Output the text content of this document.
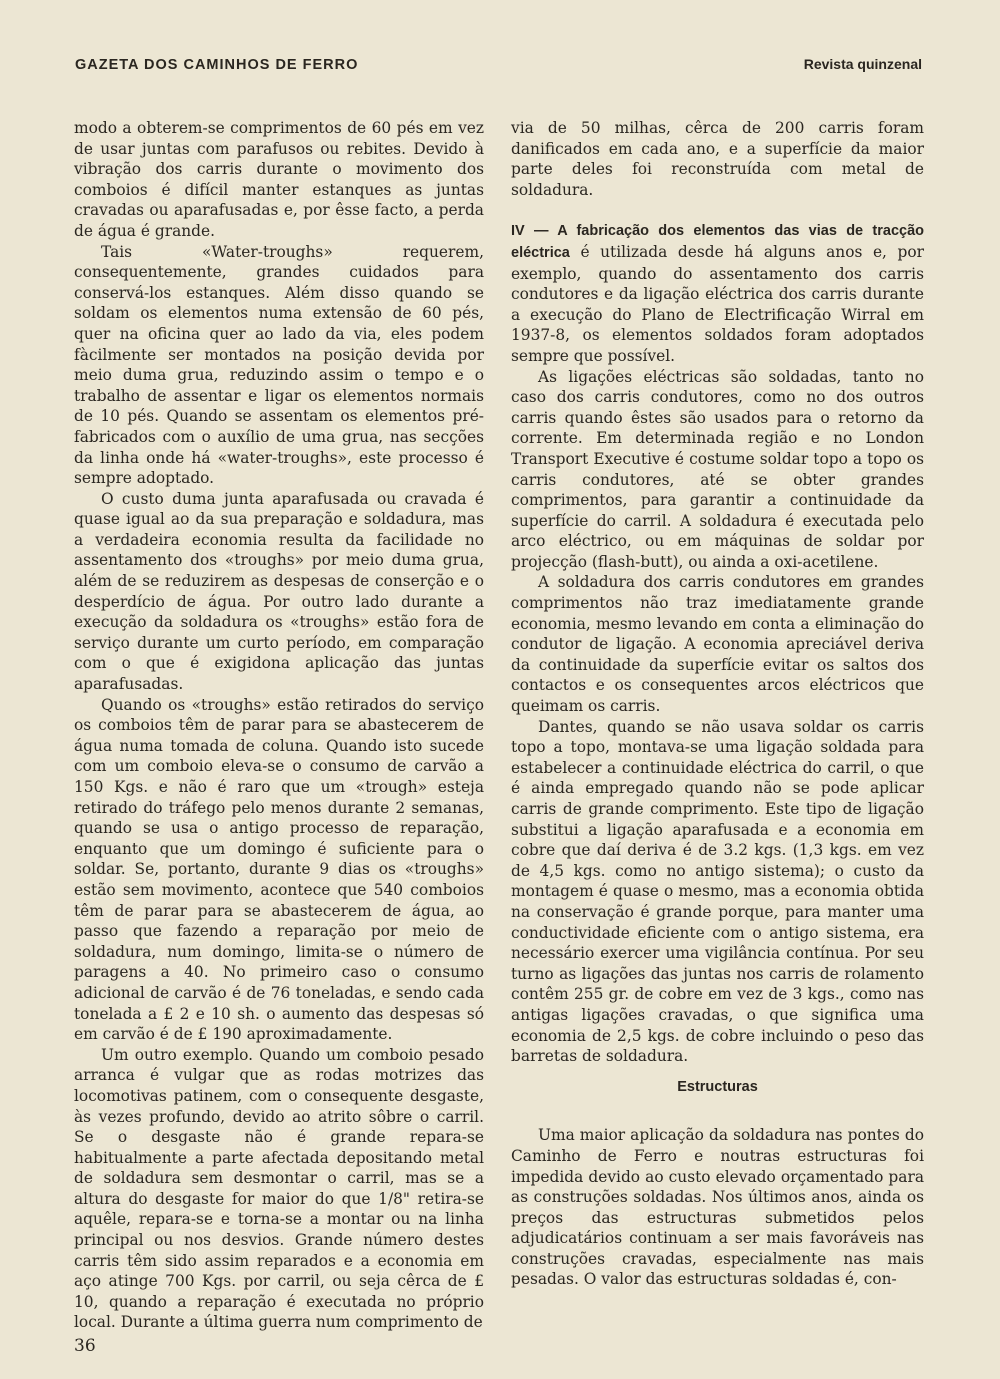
GAZETA DOS CAMINHOS DE FERRO	Revista quinzenal

modo a obterem-se comprimentos de 60 pés em vez de usar juntas com parafusos ou rebites. Devido à vibração dos carris durante o movimento dos comboios é difícil manter estanques as juntas cravadas ou aparafusadas e, por êsse facto, a perda de água é grande.

Tais «Water-troughs» requerem, consequentemente, grandes cuidados para conservá-los estanques. Além disso quando se soldam os elementos numa extensão de 60 pés, quer na oficina quer ao lado da via, eles podem fàcilmente ser montados na posição devida por meio duma grua, reduzindo assim o tempo e o trabalho de assentar e ligar os elementos normais de 10 pés. Quando se assentam os elementos pré-fabricados com o auxílio de uma grua, nas secções da linha onde há «water-troughs», este processo é sempre adoptado.

O custo duma junta aparafusada ou cravada é quase igual ao da sua preparação e soldadura, mas a verdadeira economia resulta da facilidade no assentamento dos «troughs» por meio duma grua, além de se reduzirem as despesas de conserção e o desperdício de água. Por outro lado durante a execução da soldadura os «troughs» estão fora de serviço durante um curto período, em comparação com o que é exigidona aplicação das juntas aparafusadas.

Quando os «troughs» estão retirados do serviço os comboios têm de parar para se abastecerem de água numa tomada de coluna. Quando isto sucede com um comboio eleva-se o consumo de carvão a 150 Kgs. e não é raro que um «trough» esteja retirado do tráfego pelo menos durante 2 semanas, quando se usa o antigo processo de reparação, enquanto que um domingo é suficiente para o soldar. Se, portanto, durante 9 dias os «troughs» estão sem movimento, acontece que 540 comboios têm de parar para se abastecerem de água, ao passo que fazendo a reparação por meio de soldadura, num domingo, limita-se o número de paragens a 40. No primeiro caso o consumo adicional de carvão é de 76 toneladas, e sendo cada tonelada a £ 2 e 10 sh. o aumento das despesas só em carvão é de £ 190 aproximadamente.

Um outro exemplo. Quando um comboio pesado arranca é vulgar que as rodas motrizes das locomotivas patinem, com o consequente desgaste, às vezes profundo, devido ao atrito sôbre o carril. Se o desgaste não é grande repara-se habitualmente a parte afectada depositando metal de soldadura sem desmontar o carril, mas se a altura do desgaste for maior do que 1/8" retira-se aquêle, repara-se e torna-se a montar ou na linha principal ou nos desvios. Grande número destes carris têm sido assim reparados e a economia em aço atinge 700 Kgs. por carril, ou seja cêrca de £ 10, quando a reparação é executada no próprio local. Durante a última guerra num comprimento de

via de 50 milhas, cêrca de 200 carris foram danificados em cada ano, e a superfície da maior parte deles foi reconstruída com metal de soldadura.

IV — A fabricação dos elementos das vias de tracção eléctrica é utilizada desde há alguns anos e, por exemplo, quando do assentamento dos carris condutores e da ligação eléctrica dos carris durante a execução do Plano de Electrificação Wirral em 1937-8, os elementos soldados foram adoptados sempre que possível.

As ligações eléctricas são soldadas, tanto no caso dos carris condutores, como no dos outros carris quando êstes são usados para o retorno da corrente. Em determinada região e no London Transport Executive é costume soldar topo a topo os carris condutores, até se obter grandes comprimentos, para garantir a continuidade da superfície do carril. A soldadura é executada pelo arco eléctrico, ou em máquinas de soldar por projecção (flash-butt), ou ainda a oxi-acetilene.

A soldadura dos carris condutores em grandes comprimentos não traz imediatamente grande economia, mesmo levando em conta a eliminação do condutor de ligação. A economia apreciável deriva da continuidade da superfície evitar os saltos dos contactos e os consequentes arcos eléctricos que queimam os carris.

Dantes, quando se não usava soldar os carris topo a topo, montava-se uma ligação soldada para estabelecer a continuidade eléctrica do carril, o que é ainda empregado quando não se pode aplicar carris de grande comprimento. Este tipo de ligação substitui a ligação aparafusada e a economia em cobre que daí deriva é de 3.2 kgs. (1,3 kgs. em vez de 4,5 kgs. como no antigo sistema); o custo da montagem é quase o mesmo, mas a economia obtida na conservação é grande porque, para manter uma conductividade eficiente com o antigo sistema, era necessário exercer uma vigilância contínua. Por seu turno as ligações das juntas nos carris de rolamento contêm 255 gr. de cobre em vez de 3 kgs., como nas antigas ligações cravadas, o que significa uma economia de 2,5 kgs. de cobre incluindo o peso das barretas de soldadura.

Estructuras

Uma maior aplicação da soldadura nas pontes do Caminho de Ferro e noutras estructuras foi impedida devido ao custo elevado orçamentado para as construções soldadas. Nos últimos anos, ainda os preços das estructuras submetidos pelos adjudicatários continuam a ser mais favoráveis nas construções cravadas, especialmente nas mais pesadas. O valor das estructuras soldadas é, con-

36
